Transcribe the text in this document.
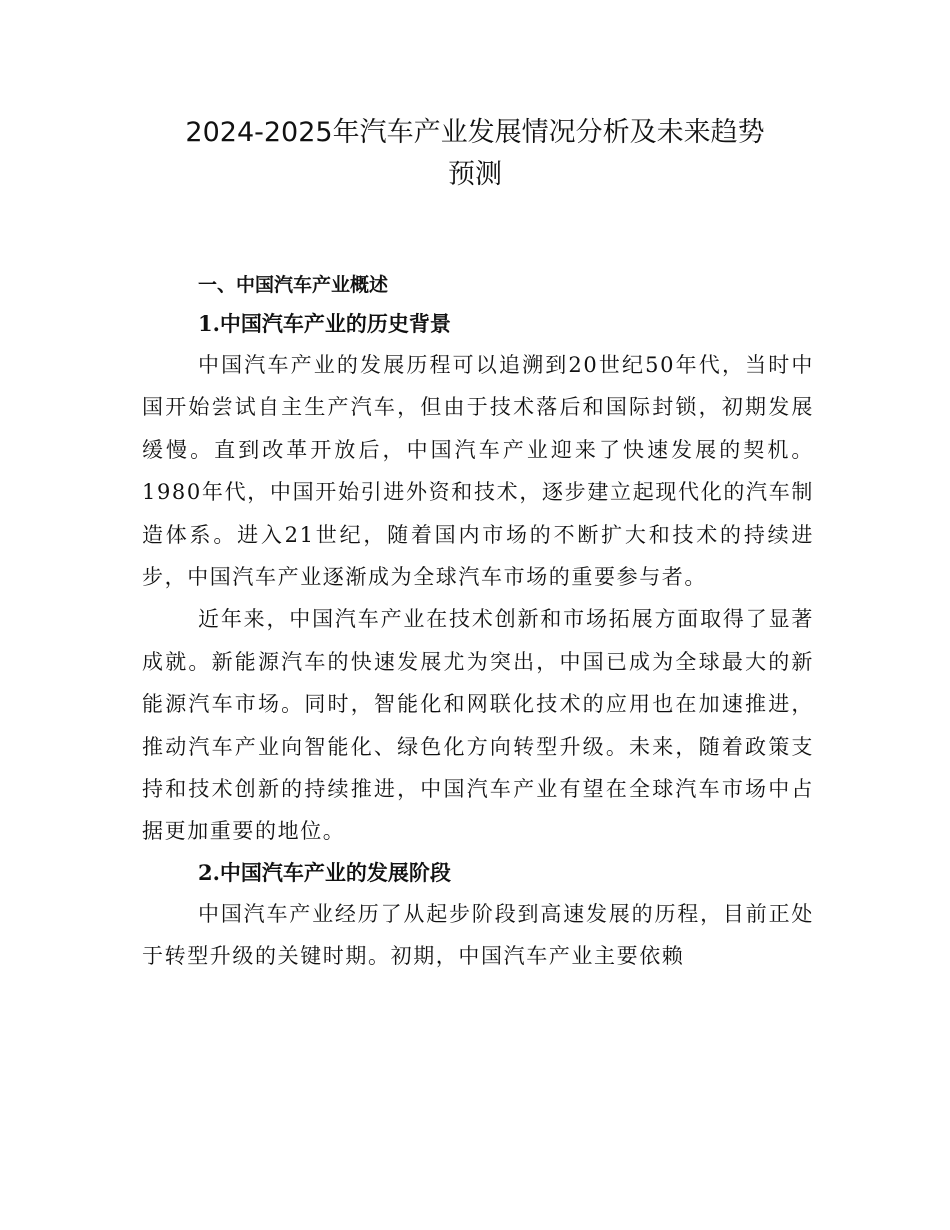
2024-2025年汽车产业发展情况分析及未来趋势
预测

一、中国汽车产业概述

1.中国汽车产业的历史背景

中国汽车产业的发展历程可以追溯到20世纪50年代，当时中国开始尝试自主生产汽车，但由于技术落后和国际封锁，初期发展缓慢。直到改革开放后，中国汽车产业迎来了快速发展的契机。1980年代，中国开始引进外资和技术，逐步建立起现代化的汽车制造体系。进入21世纪，随着国内市场的不断扩大和技术的持续进步，中国汽车产业逐渐成为全球汽车市场的重要参与者。

近年来，中国汽车产业在技术创新和市场拓展方面取得了显著成就。新能源汽车的快速发展尤为突出，中国已成为全球最大的新能源汽车市场。同时，智能化和网联化技术的应用也在加速推进，推动汽车产业向智能化、绿色化方向转型升级。未来，随着政策支持和技术创新的持续推进，中国汽车产业有望在全球汽车市场中占据更加重要的地位。

2.中国汽车产业的发展阶段

中国汽车产业经历了从起步阶段到高速发展的历程，目前正处于转型升级的关键时期。初期，中国汽车产业主要依赖
